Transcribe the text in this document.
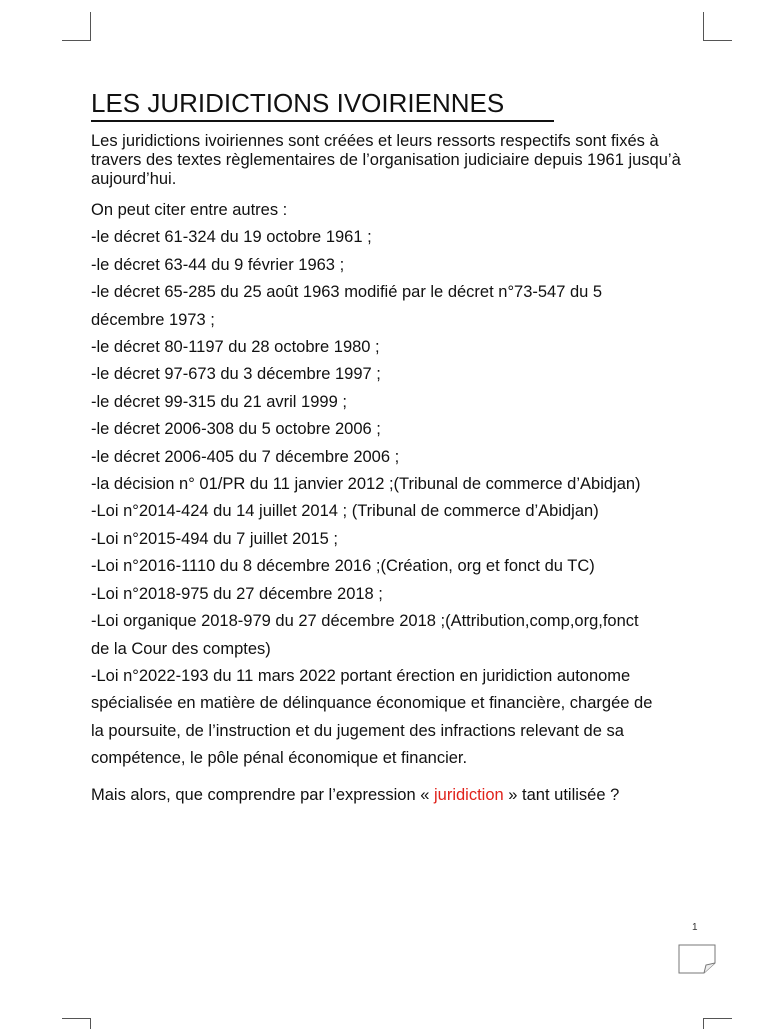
LES JURIDICTIONS IVOIRIENNES

Les juridictions ivoiriennes sont créées et leurs ressorts respectifs sont fixés à travers des textes règlementaires de l’organisation judiciaire depuis 1961 jusqu’à aujourd’hui.

On peut citer entre autres :

-le décret 61-324 du 19 octobre 1961 ;

-le décret 63-44 du 9 février 1963 ;

-le décret 65-285 du 25 août 1963 modifié par le décret n°73-547 du 5

décembre 1973 ;

-le décret 80-1197 du 28 octobre 1980 ;

-le décret 97-673 du 3 décembre 1997 ;

-le décret 99-315 du 21 avril 1999 ;

-le décret 2006-308 du 5 octobre 2006 ;

-le décret 2006-405 du 7 décembre 2006 ;

-la décision n° 01/PR du 11 janvier 2012 ;(Tribunal de commerce d’Abidjan)

-Loi n°2014-424 du 14 juillet 2014 ; (Tribunal de commerce d’Abidjan)

-Loi n°2015-494 du 7 juillet 2015 ;

-Loi n°2016-1110 du 8 décembre 2016 ;(Création, org et fonct du TC)

-Loi n°2018-975 du 27 décembre 2018 ;

-Loi organique 2018-979 du 27 décembre 2018 ;(Attribution,comp,org,fonct

de la Cour des comptes)

-Loi n°2022-193 du 11 mars 2022 portant érection en juridiction autonome

spécialisée en matière de délinquance économique et financière, chargée de

la poursuite, de l’instruction et du jugement des infractions relevant de sa

compétence, le pôle pénal économique et financier.

Mais alors, que comprendre par l’expression « juridiction » tant utilisée ?

1
